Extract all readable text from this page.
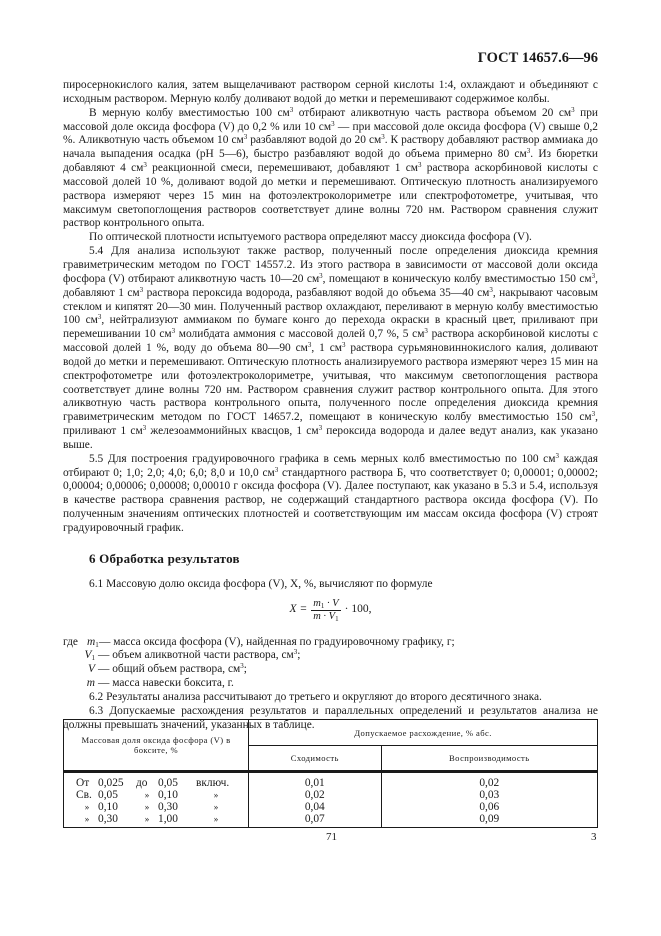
ГОСТ 14657.6—96

пиросернокислого калия, затем выщелачивают раствором серной кислоты 1:4, охлаждают и объединяют с исходным раствором. Мерную колбу доливают водой до метки и перемешивают содержимое колбы.

В мерную колбу вместимостью 100 $см^3$ отбирают аликвотную часть раствора объемом 20 $см^3$ при массовой доле оксида фосфора (V) до 0,2 % или 10 $см^3$ — при массовой доле оксида фосфора (V) свыше 0,2 %. Аликвотную часть объемом 10 $см^3$ разбавляют водой до 20 $см^3$. К раствору добавляют раствор аммиака до начала выпадения осадка (рН 5—6), быстро разбавляют водой до объема примерно 80 $см^3$. Из бюретки добавляют 4 $см^3$ реакционной смеси, перемешивают, добавляют 1 $см^3$ раствора аскорбиновой кислоты с массовой долей 10 %, доливают водой до метки и перемешивают. Оптическую плотность анализируемого раствора измеряют через 15 мин на фотоэлектроколориметре или спектрофотометре, учитывая, что максимум светопоглощения растворов соответствует длине волны 720 нм. Раствором сравнения служит раствор контрольного опыта.

По оптической плотности испытуемого раствора определяют массу диоксида фосфора (V).

5.4 Для анализа используют также раствор, полученный после определения диоксида кремния гравиметрическим методом по ГОСТ 14557.2. Из этого раствора в зависимости от массовой доли оксида фосфора (V) отбирают аликвотную часть 10—20 $см^3$, помещают в коническую колбу вместимостью 150 $см^3$, добавляют 1 $см^3$ раствора пероксида водорода, разбавляют водой до объема 35—40 $см^3$, накрывают часовым стеклом и кипятят 20—30 мин. Полученный раствор охлаждают, переливают в мерную колбу вместимостью 100 $см^3$, нейтрализуют аммиаком по бумаге конго до перехода окраски в красный цвет, приливают при перемешивании 10 $см^3$ молибдата аммония с массовой долей 0,7 %, 5 $см^3$ раствора аскорбиновой кислоты с массовой долей 1 %, воду до объема 80—90 $см^3$, 1 $см^3$ раствора сурьмяновиннокислого калия, доливают водой до метки и перемешивают. Оптическую плотность анализируемого раствора измеряют через 15 мин на спектрофотометре или фотоэлектроколориметре, учитывая, что максимум светопоглощения раствора соответствует длине волны 720 нм. Раствором сравнения служит раствор контрольного опыта. Для этого аликвотную часть раствора контрольного опыта, полученного после определения диоксида кремния гравиметрическим методом по ГОСТ 14657.2, помещают в коническую колбу вместимостью 150 $см^3$, приливают 1 $см^3$ железоаммонийных квасцов, 1 $см^3$ пероксида водорода и далее ведут анализ, как указано выше.

5.5 Для построения градуировочного графика в семь мерных колб вместимостью по 100 $см^3$ каждая отбирают 0; 1,0; 2,0; 4,0; 6,0; 8,0 и 10,0 $см^3$ стандартного раствора Б, что соответствует 0; 0,00001; 0,00002; 0,00004; 0,00006; 0,00008; 0,00010 г оксида фосфора (V). Далее поступают, как указано в 5.3 и 5.4, используя в качестве раствора сравнения раствор, не содержащий стандартного раствора оксида фосфора (V). По полученным значениям оптических плотностей и соответствующим им массам оксида фосфора (V) строят градуировочный график.

6 Обработка результатов

6.1 Массовую долю оксида фосфора (V), X, %, вычисляют по формуле

$X = \frac{m_1 \cdot V}{m \cdot V_1} \cdot 100$,

где $m_1$ — масса оксида фосфора (V), найденная по градуировочному графику, г;
$V_1$ — объем аликвотной части раствора, $см^3$;
V — общий объем раствора, $см^3$;
m — масса навески боксита, г.

6.2 Результаты анализа рассчитывают до третьего и округляют до второго десятичного знака.

6.3 Допускаемые расхождения результатов и параллельных определений и результатов анализа не должны превышать значений, указанных в таблице.

Массовая доля оксида фосфора (V) в боксите, %	Допускаемое расхождение, % абс.	
	Сходимость	Воспроизводимость

От 0,025 до 0,05 включ.	0,01	0,02

Св. 0,05 » 0,10 »	0,02	0,03

» 0,10 » 0,30 »	0,04	0,06

» 0,30 » 1,00 »	0,07	0,09
71	3
